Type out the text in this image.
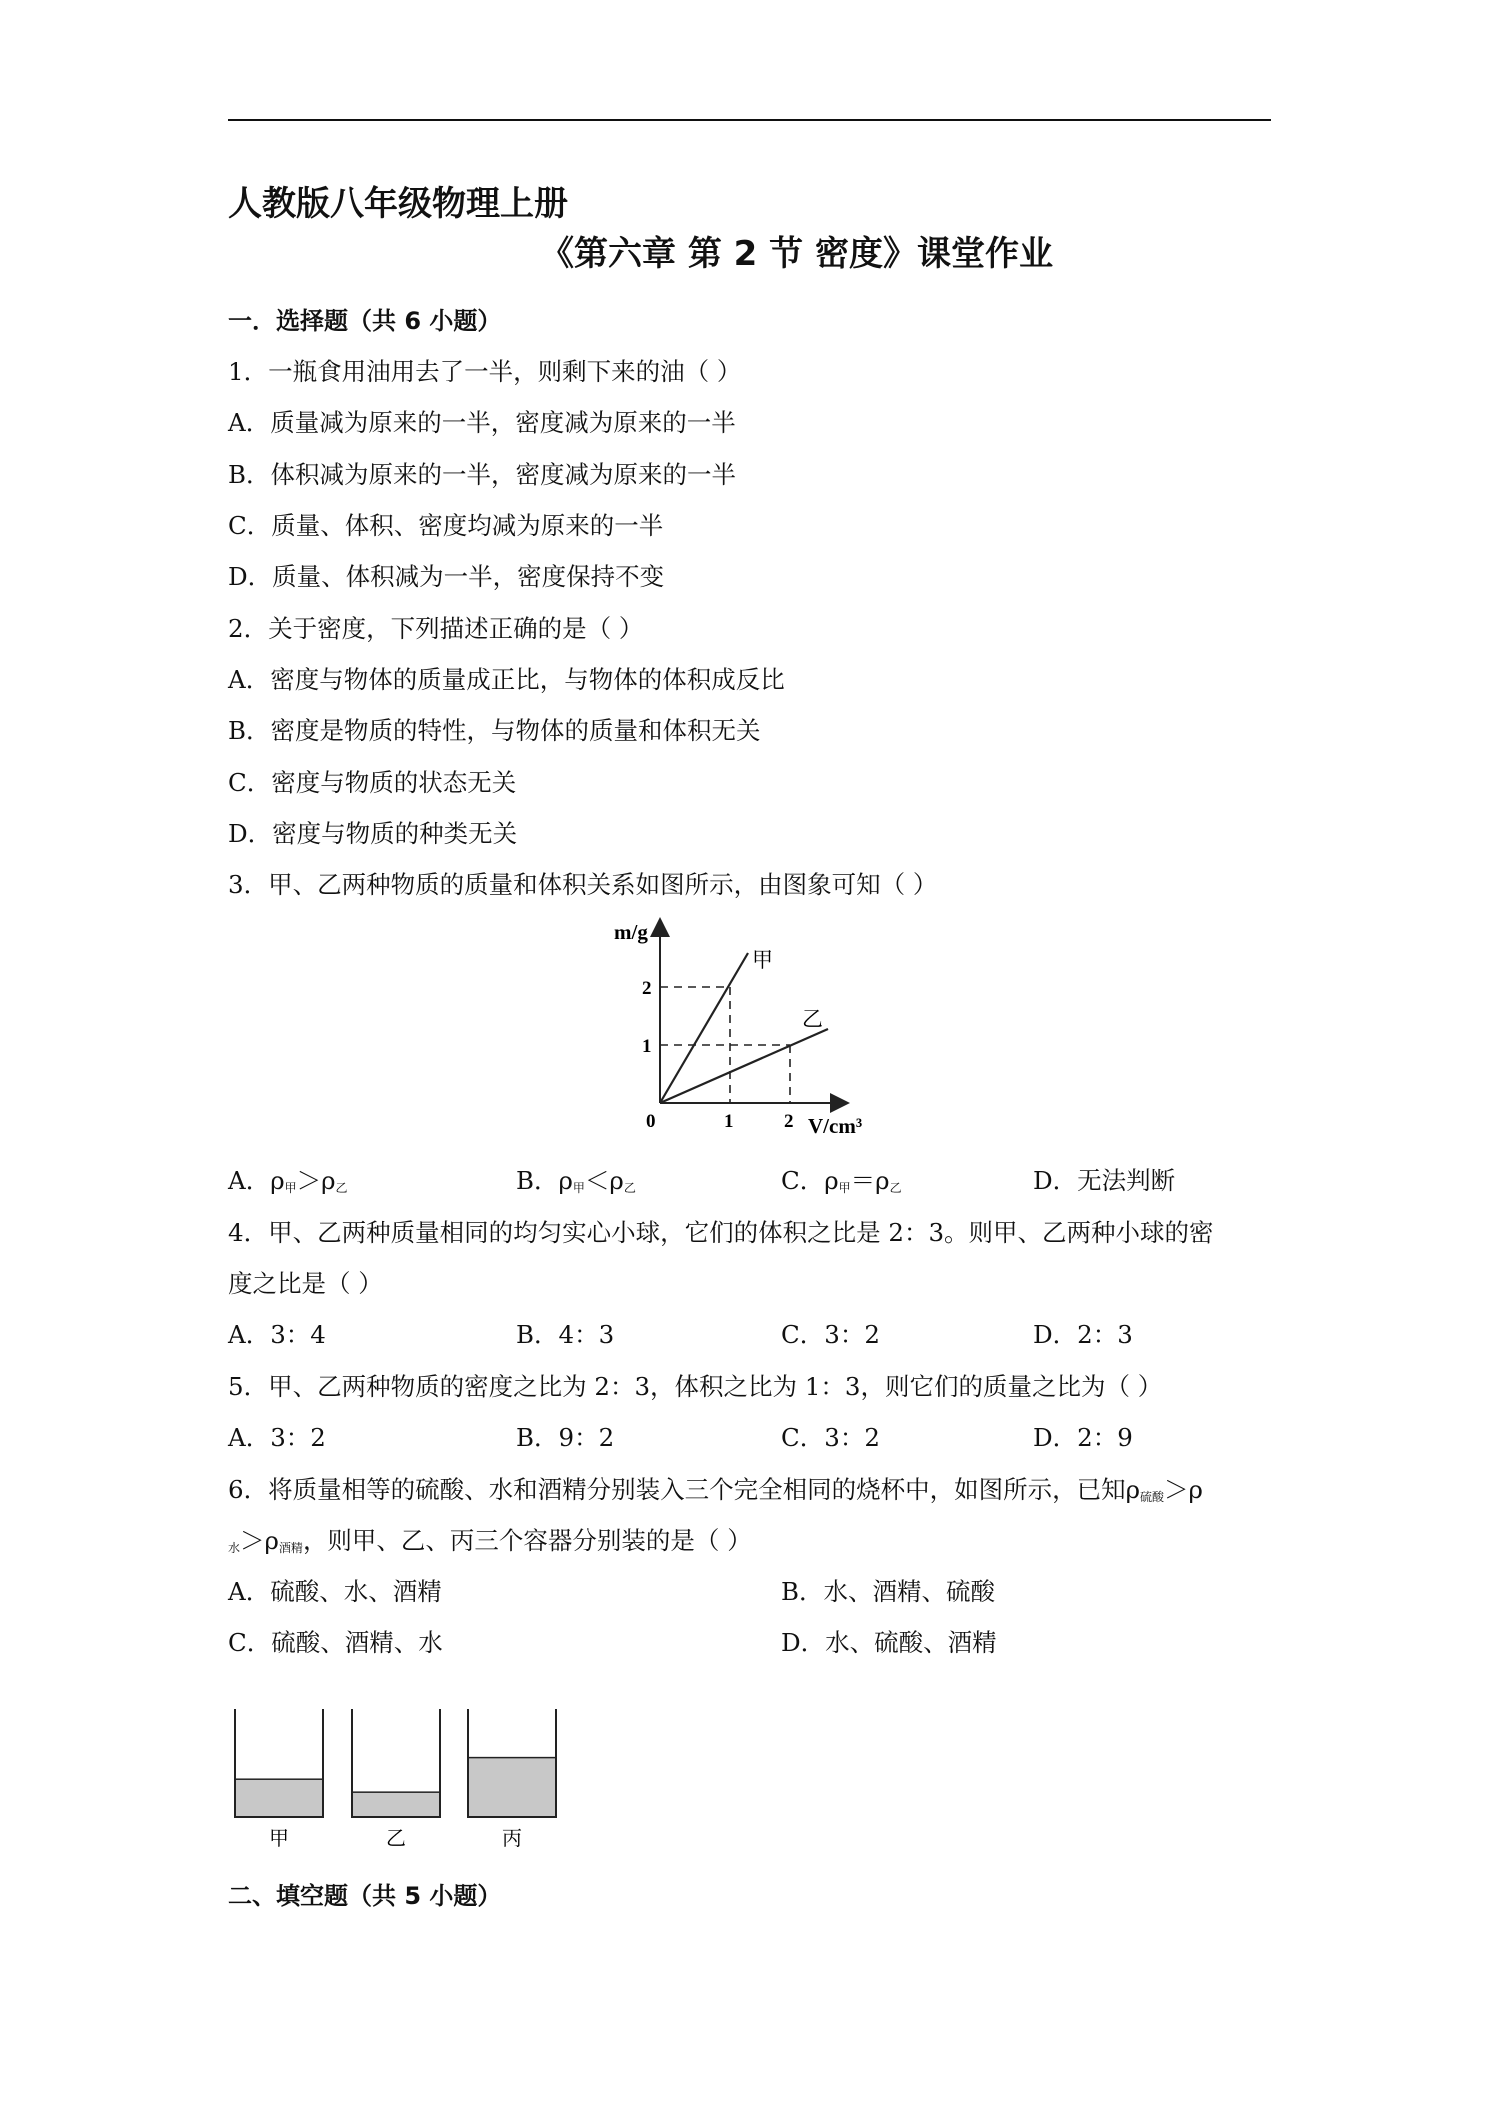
人教版八年级物理上册
《第六章 第 2 节 密度》课堂作业
一．选择题（共 6 小题）
1．一瓶食用油用去了一半，则剩下来的油（ ）
A．质量减为原来的一半，密度减为原来的一半
B．体积减为原来的一半，密度减为原来的一半
C．质量、体积、密度均减为原来的一半
D．质量、体积减为一半，密度保持不变
2．关于密度，下列描述正确的是（ ）
A．密度与物体的质量成正比，与物体的体积成反比
B．密度是物质的特性，与物体的质量和体积无关
C．密度与物质的状态无关
D．密度与物质的种类无关
3．甲、乙两种物质的质量和体积关系如图所示，由图象可知（ ）
m/g
V/cm³
0	1	2
1
2
甲
乙
A．$\rho_甲>\rho_乙$	B．$\rho_甲<\rho_乙$	C．$\rho_甲=\rho_乙$	D．无法判断
4．甲、乙两种质量相同的均匀实心小球，它们的体积之比是 2：3。则甲、乙两种小球的密
度之比是（ ）
A．3：4	B．4：3	C．3：2	D．2：3
5．甲、乙两种物质的密度之比为 2：3，体积之比为 1：3，则它们的质量之比为（ ）
A．3：2	B．9：2	C．3：2	D．2：9
6．将质量相等的硫酸、水和酒精分别装入三个完全相同的烧杯中，如图所示，已知$\rho_{硫酸}>\rho$
$_水>\rho_{酒精}$，则甲、乙、丙三个容器分别装的是（ ）
A．硫酸、水、酒精	B．水、酒精、硫酸
C．硫酸、酒精、水	D．水、硫酸、酒精
甲	乙	丙
二、填空题（共 5 小题）
